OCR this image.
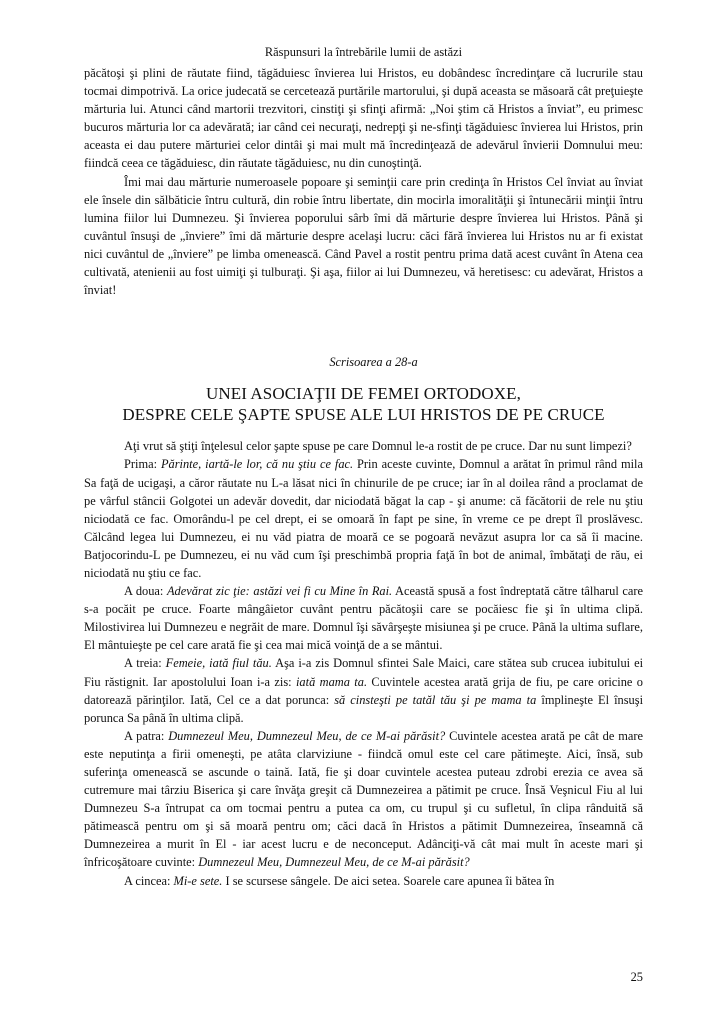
Răspunsuri la întrebările lumii de astăzi

păcătoşi şi plini de răutate fiind, tăgăduiesc învierea lui Hristos, eu dobândesc încredinţare că lucrurile stau tocmai dimpotrivă. La orice judecată se cercetează purtările martorului, şi după aceasta se măsoară cât preţuieşte mărturia lui. Atunci când martorii trezvitori, cinstiţi şi sfinţi afirmă: „Noi ştim că Hristos a înviat”, eu primesc bucuros mărturia lor ca adevărată; iar când cei necuraţi, nedrepţi şi ne-sfinţi tăgăduiesc învierea lui Hristos, prin aceasta ei dau putere mărturiei celor dintâi şi mai mult mă încredinţează de adevărul învierii Domnului meu: fiindcă ceea ce tăgăduiesc, din răutate tăgăduiesc, nu din cunoştinţă.

Îmi mai dau mărturie numeroasele popoare şi seminţii care prin credinţa în Hristos Cel înviat au înviat ele însele din sălbăticie întru cultură, din robie întru libertate, din mocirla imoralităţii şi întunecării minţii întru lumina fiilor lui Dumnezeu. Şi învierea poporului sârb îmi dă mărturie despre învierea lui Hristos. Până şi cuvântul însuşi de „înviere” îmi dă mărturie despre acelaşi lucru: căci fără învierea lui Hristos nu ar fi existat nici cuvântul de „înviere” pe limba omenească. Când Pavel a rostit pentru prima dată acest cuvânt în Atena cea cultivată, atenienii au fost uimiţi şi tulburaţi. Şi aşa, fiilor ai lui Dumnezeu, vă heretisesc: cu adevărat, Hristos a înviat!

Scrisoarea a 28-a

UNEI ASOCIAŢII DE FEMEI ORTODOXE,

DESPRE CELE ŞAPTE SPUSE ALE LUI HRISTOS DE PE CRUCE

Aţi vrut să ştiţi înţelesul celor şapte spuse pe care Domnul le-a rostit de pe cruce. Dar nu sunt limpezi?

Prima: Părinte, iartă-le lor, că nu ştiu ce fac. Prin aceste cuvinte, Domnul a arătat în primul rând mila Sa faţă de ucigaşi, a căror răutate nu L-a lăsat nici în chinurile de pe cruce; iar în al doilea rând a proclamat de pe vârful stâncii Golgotei un adevăr dovedit, dar niciodată băgat la cap - şi anume: că făcătorii de rele nu ştiu niciodată ce fac. Omorându-l pe cel drept, ei se omoară în fapt pe sine, în vreme ce pe drept îl proslăvesc. Călcând legea lui Dumnezeu, ei nu văd piatra de moară ce se pogoară nevăzut asupra lor ca să îi macine. Batjocorindu-L pe Dumnezeu, ei nu văd cum îşi preschimbă propria faţă în bot de animal, îmbătaţi de rău, ei niciodată nu ştiu ce fac.

A doua: Adevărat zic ţie: astăzi vei fi cu Mine în Rai. Această spusă a fost îndreptată către tâlharul care s-a pocăit pe cruce. Foarte mângâietor cuvânt pentru păcătoşii care se pocăiesc fie şi în ultima clipă. Milostivirea lui Dumnezeu e negrăit de mare. Domnul îşi săvârşeşte misiunea şi pe cruce. Până la ultima suflare, El mântuieşte pe cel care arată fie şi cea mai mică voinţă de a se mântui.

A treia: Femeie, iată fiul tău. Aşa i-a zis Domnul sfintei Sale Maici, care stătea sub crucea iubitului ei Fiu răstignit. Iar apostolului Ioan i-a zis: iată mama ta. Cuvintele acestea arată grija de fiu, pe care oricine o datorează părinţilor. Iată, Cel ce a dat porunca: să cinsteşti pe tatăl tău şi pe mama ta împlineşte El însuşi porunca Sa până în ultima clipă.

A patra: Dumnezeul Meu, Dumnezeul Meu, de ce M-ai părăsit? Cuvintele acestea arată pe cât de mare este neputinţa a firii omeneşti, pe atâta clarviziune - fiindcă omul este cel care pătimeşte. Aici, însă, sub suferinţa omenească se ascunde o taină. Iată, fie şi doar cuvintele acestea puteau zdrobi erezia ce avea să cutremure mai târziu Biserica şi care învăţa greşit că Dumnezeirea a pătimit pe cruce. Însă Veşnicul Fiu al lui Dumnezeu S-a întrupat ca om tocmai pentru a putea ca om, cu trupul şi cu sufletul, în clipa rânduită să pătimească pentru om şi să moară pentru om; căci dacă în Hristos a pătimit Dumnezeirea, înseamnă că Dumnezeirea a murit în El - iar acest lucru e de neconceput. Adânciţi-vă cât mai mult în aceste mari şi înfricoşătoare cuvinte: Dumnezeul Meu, Dumnezeul Meu, de ce M-ai părăsit?

A cincea: Mi-e sete. I se scursese sângele. De aici setea. Soarele care apunea îi bătea în

25
